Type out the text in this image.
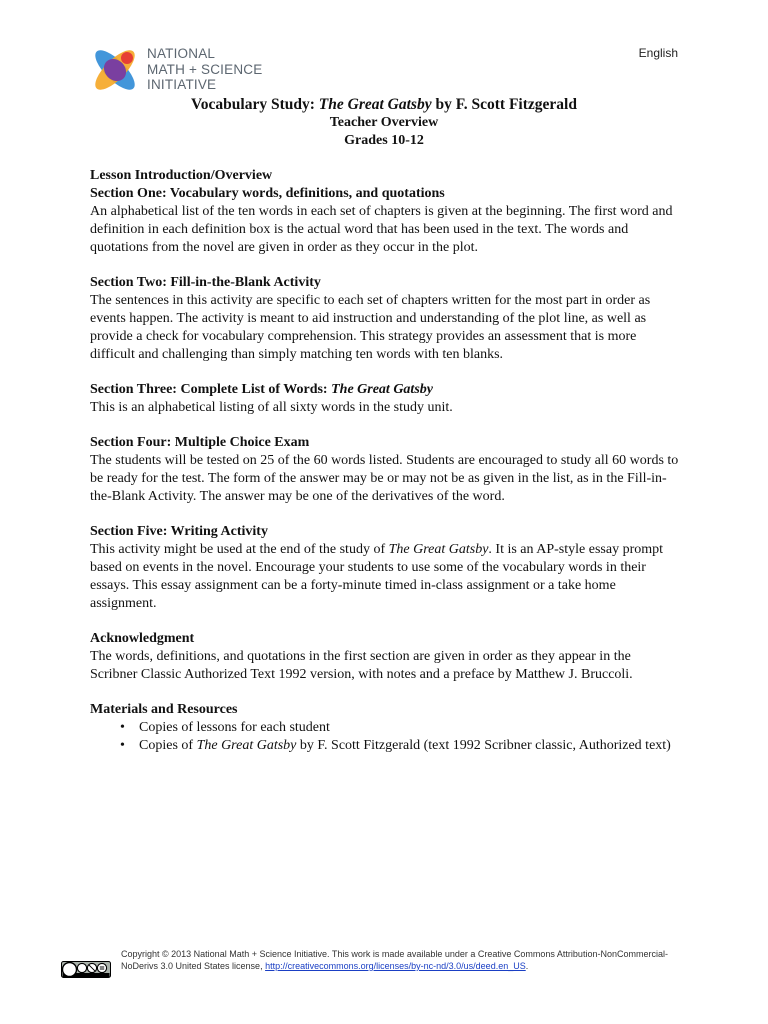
NATIONAL
MATH + SCIENCE
INITIATIVE
English
Vocabulary Study: The Great Gatsby by F. Scott Fitzgerald
Teacher Overview
Grades 10-12
Lesson Introduction/Overview
Section One: Vocabulary words, definitions, and quotations

An alphabetical list of the ten words in each set of chapters is given at the beginning. The first word and definition in each definition box is the actual word that has been used in the text. The words and quotations from the novel are given in order as they occur in the plot.

Section Two: Fill-in-the-Blank Activity

The sentences in this activity are specific to each set of chapters written for the most part in order as events happen. The activity is meant to aid instruction and understanding of the plot line, as well as provide a check for vocabulary comprehension. This strategy provides an assessment that is more difficult and challenging than simply matching ten words with ten blanks.

Section Three: Complete List of Words: The Great Gatsby

This is an alphabetical listing of all sixty words in the study unit.

Section Four: Multiple Choice Exam

The students will be tested on 25 of the 60 words listed. Students are encouraged to study all 60 words to be ready for the test. The form of the answer may be or may not be as given in the list, as in the Fill-in-the-Blank Activity. The answer may be one of the derivatives of the word.

Section Five: Writing Activity

This activity might be used at the end of the study of The Great Gatsby. It is an AP-style essay prompt based on events in the novel. Encourage your students to use some of the vocabulary words in their essays. This essay assignment can be a forty-minute timed in-class assignment or a take home assignment.

Acknowledgment

The words, definitions, and quotations in the first section are given in order as they appear in the Scribner Classic Authorized Text 1992 version, with notes and a preface by Matthew J. Bruccoli.

Materials and Resources
• Copies of lessons for each student
• Copies of The Great Gatsby by F. Scott Fitzgerald (text 1992 Scribner classic, Authorized text)
Copyright © 2013 National Math + Science Initiative. This work is made available under a Creative Commons Attribution-NonCommercial-NoDerivs 3.0 United States license, http://creativecommons.org/licenses/by-nc-nd/3.0/us/deed.en_US.
